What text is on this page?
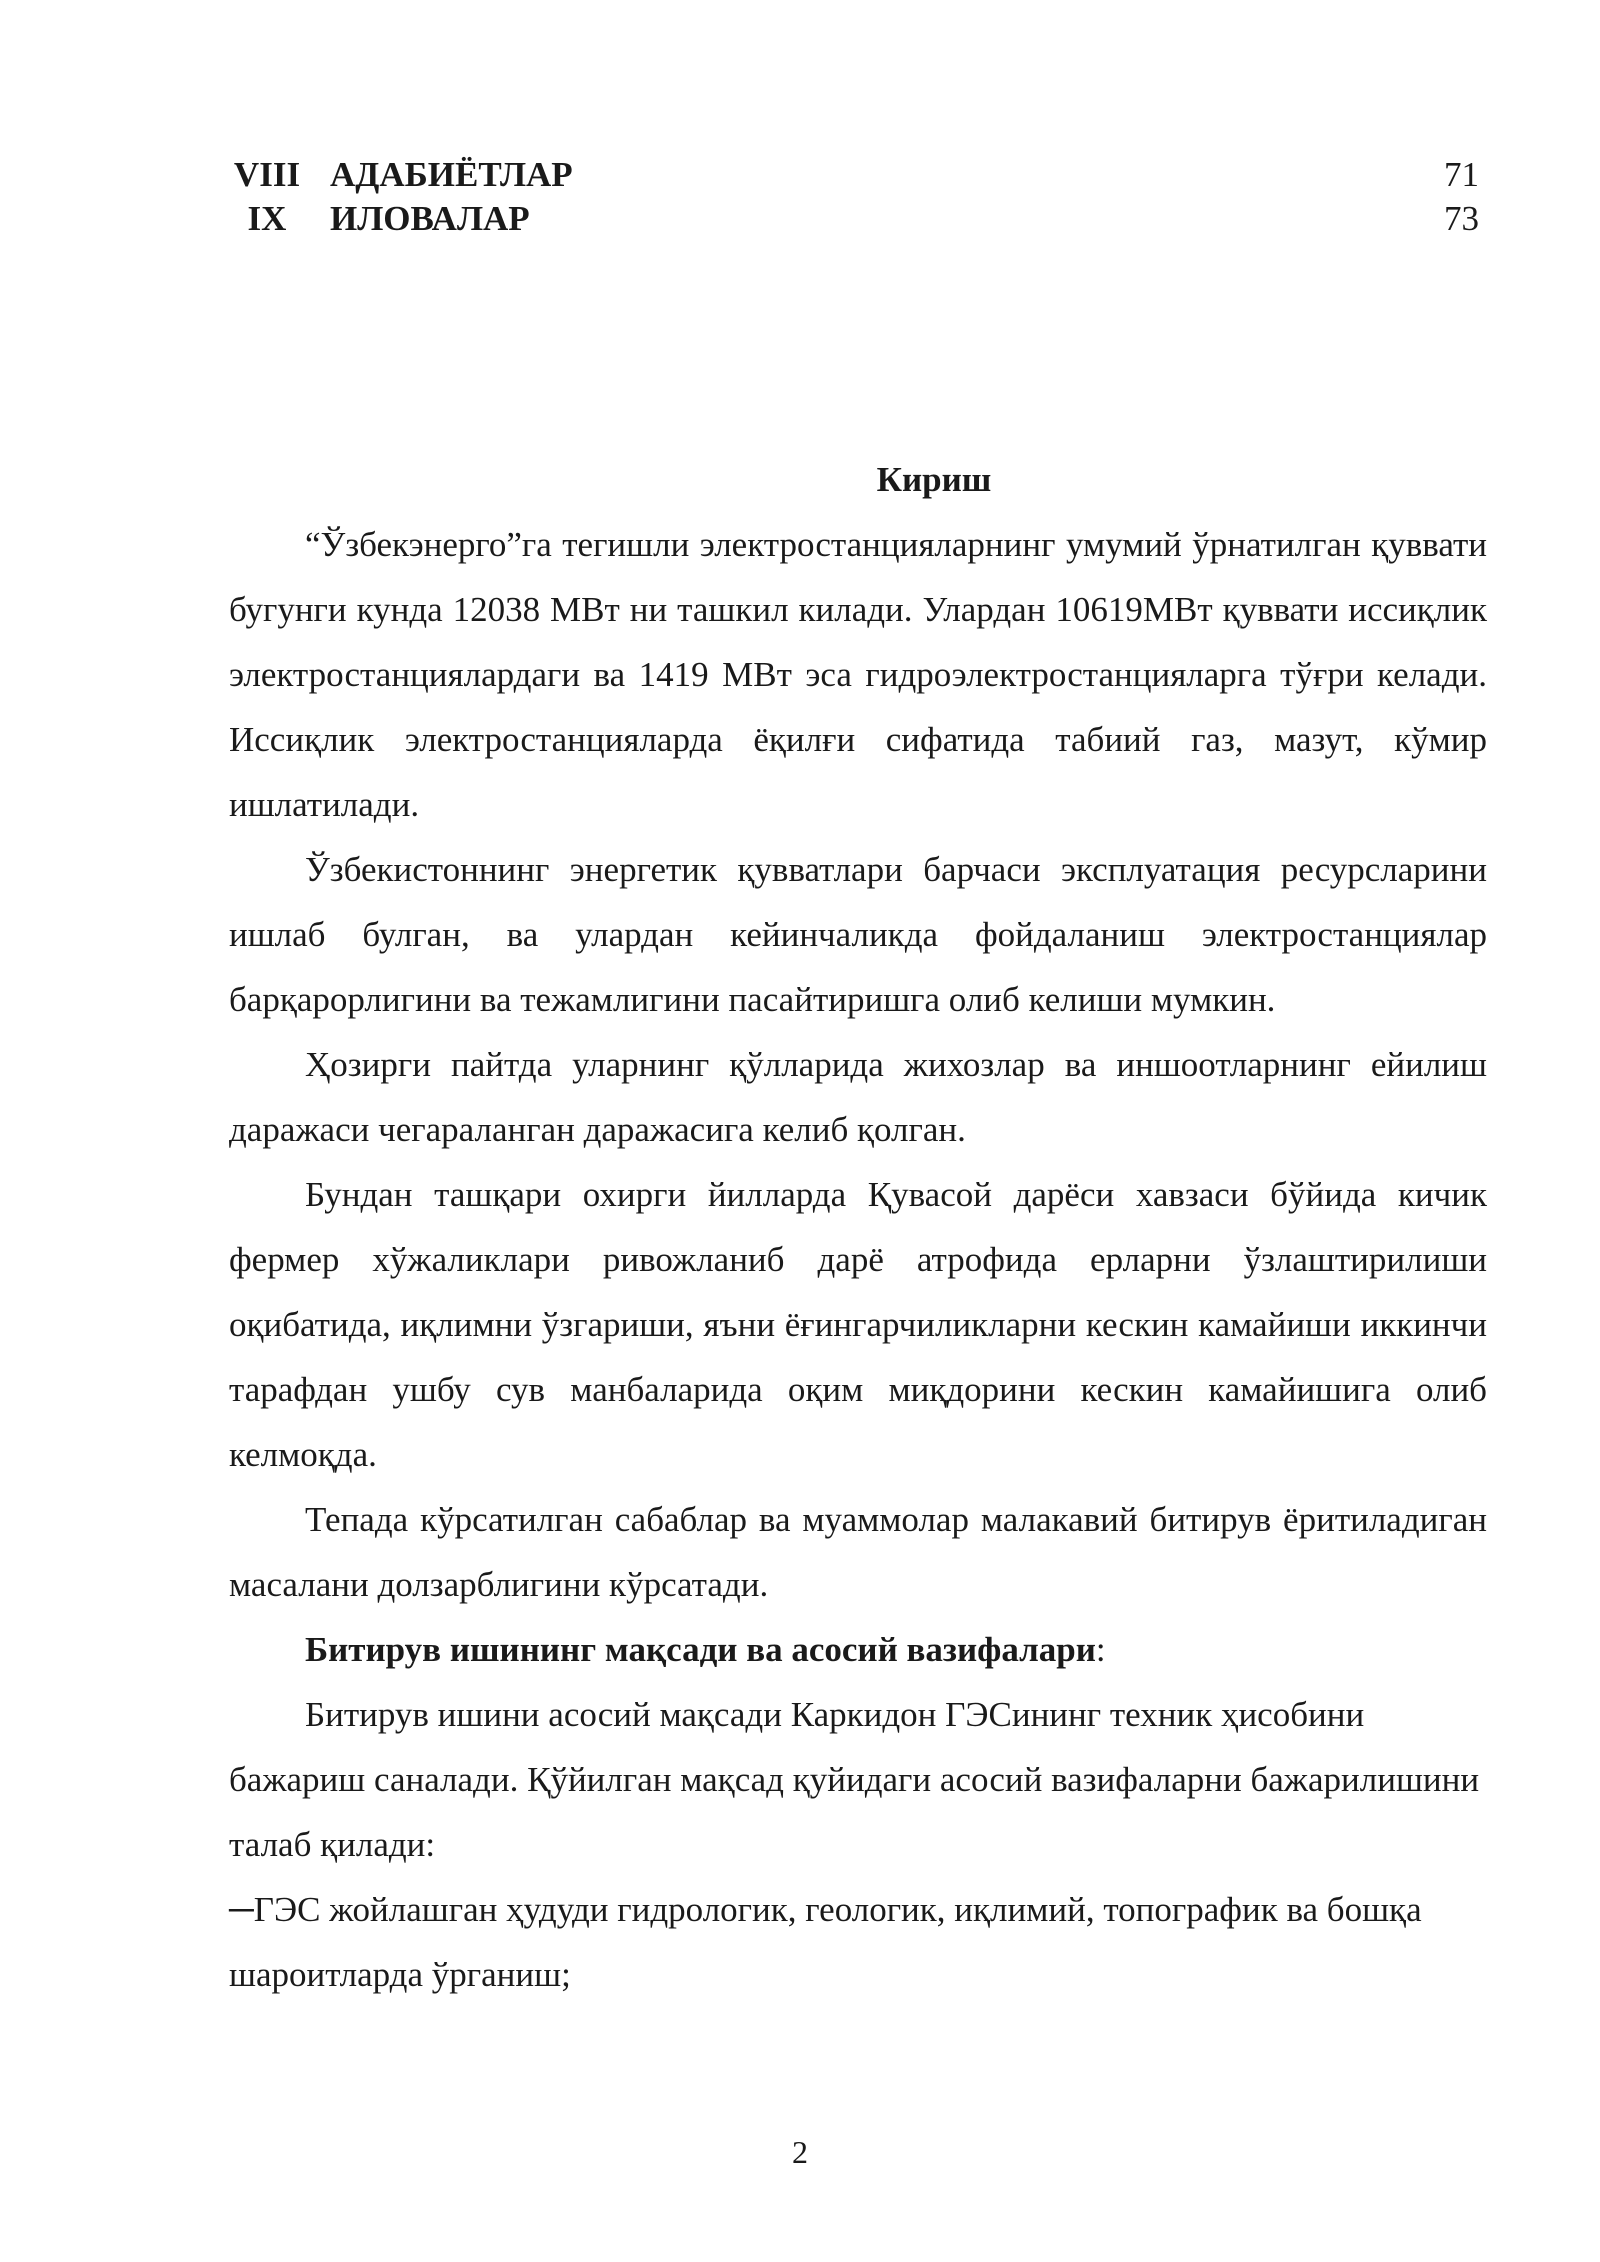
VIII АДАБИЁТЛАР	71
IX	ИЛОВАЛАР	73
Кириш

“Ўзбекэнерго”га тегишли электростанцияларнинг умумий ўрнатилган қуввати бугунги кунда 12038 МВт ни ташкил килади. Улардан 10619МВт қуввати иссиқлик электростанциялардаги ва 1419 МВт эса гидроэлектростанцияларга тўғри келади. Иссиқлик электростанцияларда ёқилғи сифатида табиий газ, мазут, кўмир ишлатилади.

Ўзбекистоннинг энергетик қувватлари барчаси эксплуатация ресурсларини ишлаб булган, ва улардан кейинчаликда фойдаланиш электростанциялар барқарорлигини ва тежамлигини пасайтиришга олиб келиши мумкин.

Ҳозирги пайтда уларнинг қўлларида жихозлар ва иншоотларнинг ейилиш даражаси чегараланган даражасига келиб қолган.

Бундан ташқари охирги йилларда Қувасой дарёси хавзаси бўйида кичик фермер хўжаликлари ривожланиб дарё атрофида ерларни ўзлаштирилиши оқибатида, иқлимни ўзгариши, яъни ёғингарчиликларни кескин камайиши иккинчи тарафдан ушбу сув манбаларида оқим миқдорини кескин камайишига олиб келмоқда.

Тепада кўрсатилган сабаблар ва муаммолар малакавий битирув ёритиладиган масалани долзарблигини кўрсатади.

Битирув ишининг мақсади ва асосий вазифалари:

Битирув ишини асосий мақсади Каркидон ГЭСининг техник ҳисобини бажариш саналади. Қўйилган мақсад қуйидаги асосий вазифаларни бажарилишини талаб қилади:

─ГЭС жойлашган ҳудуди гидрологик, геологик, иқлимий, топографик ва бошқа шароитларда ўрганиш;

2
